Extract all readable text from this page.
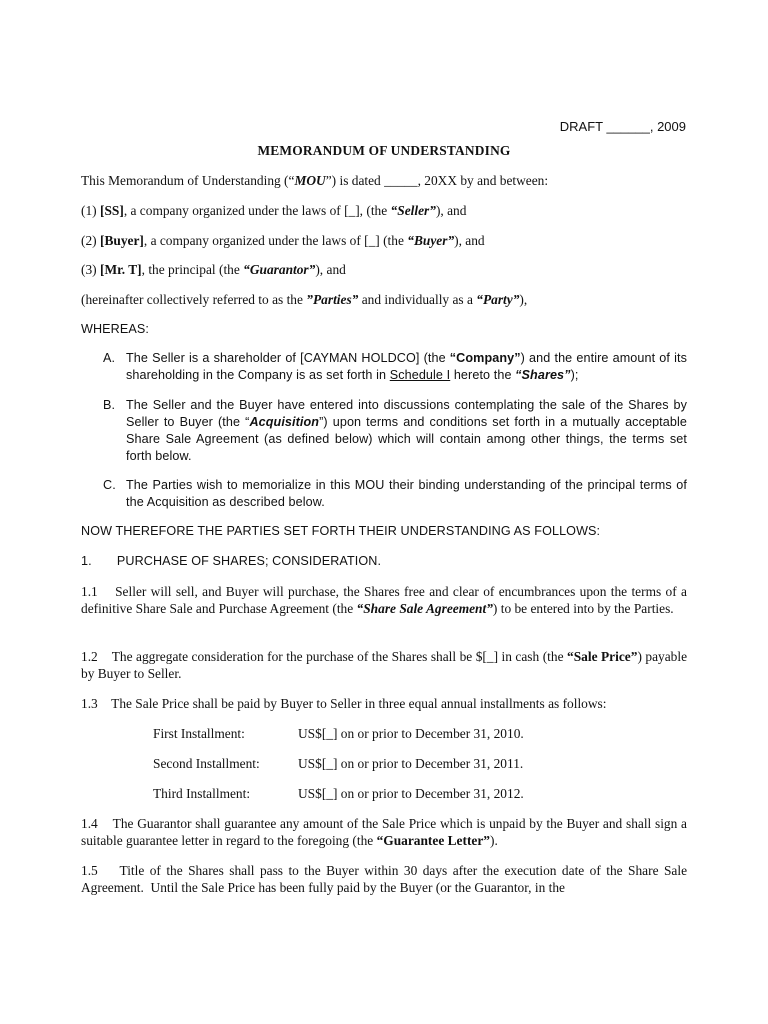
DRAFT ______, 2009
MEMORANDUM OF UNDERSTANDING
This Memorandum of Understanding (“MOU”) is dated _____, 20XX by and between:
(1) [SS], a company organized under the laws of [_], (the “Seller”), and
(2) [Buyer], a company organized under the laws of [_] (the “Buyer”), and
(3) [Mr. T], the principal (the “Guarantor”), and
(hereinafter collectively referred to as the ”Parties” and individually as a “Party”),
WHEREAS:
A. The Seller is a shareholder of [CAYMAN HOLDCO] (the “Company”) and the entire amount of its shareholding in the Company is as set forth in Schedule I hereto the “Shares”);
B. The Seller and the Buyer have entered into discussions contemplating the sale of the Shares by Seller to Buyer (the “Acquisition”) upon terms and conditions set forth in a mutually acceptable Share Sale Agreement (as defined below) which will contain among other things, the terms set forth below.
C. The Parties wish to memorialize in this MOU their binding understanding of the principal terms of the Acquisition as described below.
NOW THEREFORE THE PARTIES SET FORTH THEIR UNDERSTANDING AS FOLLOWS:
1.       PURCHASE OF SHARES; CONSIDERATION.
1.1 Seller will sell, and Buyer will purchase, the Shares free and clear of encumbrances upon the terms of a definitive Share Sale and Purchase Agreement (the “Share Sale Agreement”) to be entered into by the Parties.
1.2 The aggregate consideration for the purchase of the Shares shall be $[_] in cash (the “Sale Price”) payable by Buyer to Seller.
1.3 The Sale Price shall be paid by Buyer to Seller in three equal annual installments as follows:
First Installment:	US$[_] on or prior to December 31, 2010.
Second Installment:	US$[_] on or prior to December 31, 2011.
Third Installment:	US$[_] on or prior to December 31, 2012.
1.4 The Guarantor shall guarantee any amount of the Sale Price which is unpaid by the Buyer and shall sign a suitable guarantee letter in regard to the foregoing (the “Guarantee Letter”).
1.5 Title of the Shares shall pass to the Buyer within 30 days after the execution date of the Share Sale Agreement.  Until the Sale Price has been fully paid by the Buyer (or the Guarantor, in the
